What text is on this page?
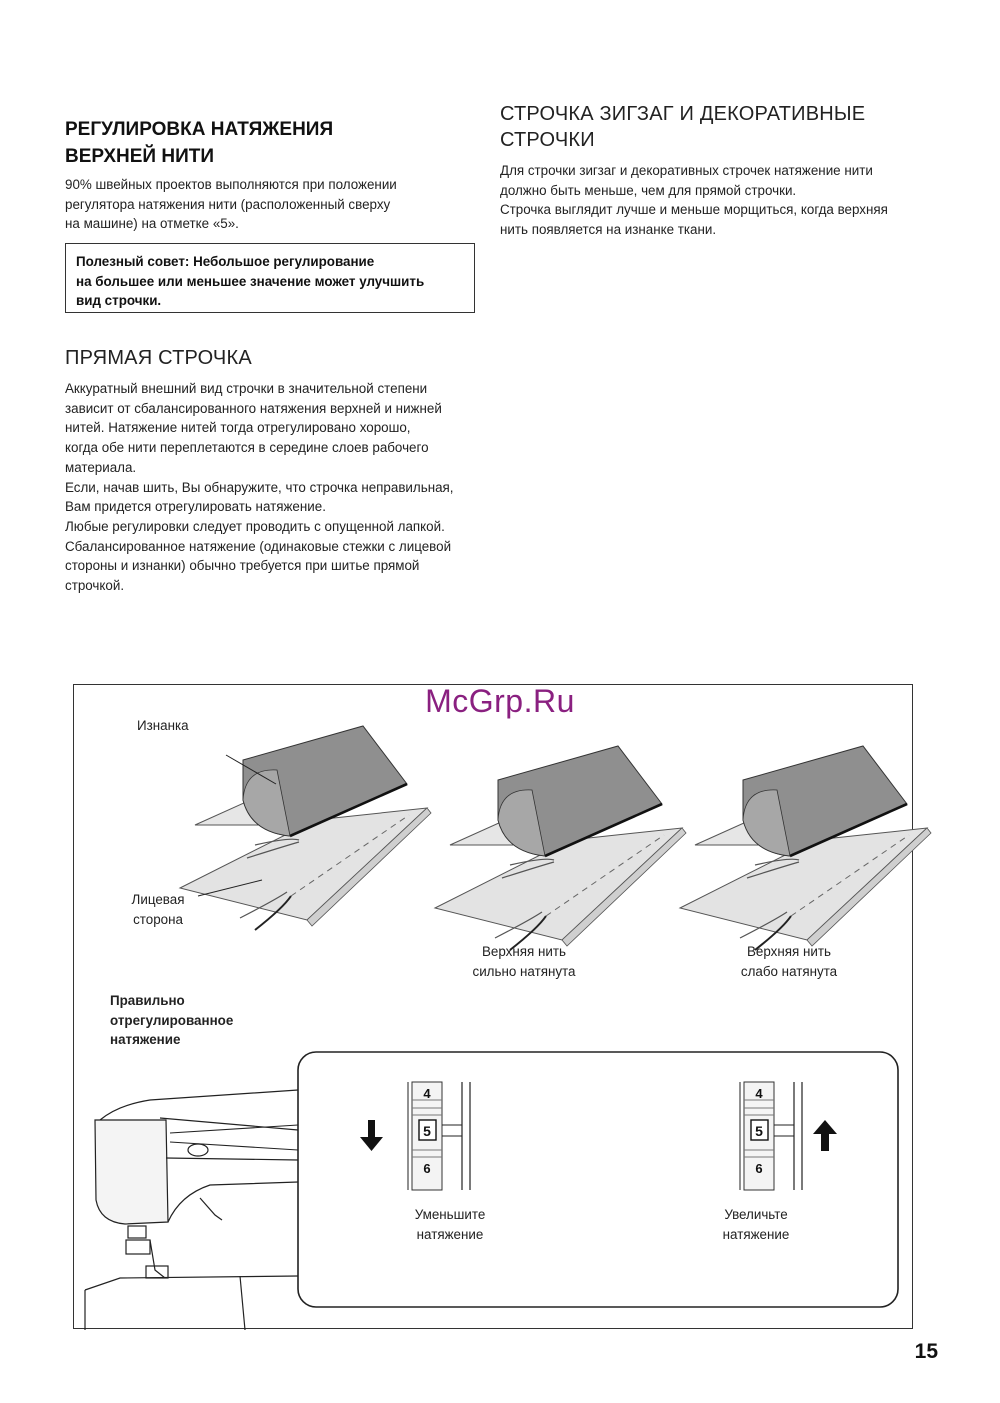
РЕГУЛИРОВКА НАТЯЖЕНИЯ
ВЕРХНЕЙ НИТИ

90% швейных проектов выполняются при положении

регулятора натяжения нити (расположенный сверху

на машине) на отметке «5».

Полезный совет: Небольшое регулирование
на большее или меньшее значение может улучшить
вид строчки.
ПРЯМАЯ СТРОЧКА

Аккуратный внешний вид строчки в значительной степени

зависит от сбалансированного натяжения верхней и нижней

нитей. Натяжение нитей тогда отрегулировано хорошо,

когда обе нити переплетаются в середине слоев рабочего

материала.

Если, начав шить, Вы обнаружите, что строчка неправильная,

Вам придется отрегулировать натяжение.

Любые регулировки следует проводить с опущенной лапкой.

Сбалансированное натяжение (одинаковые стежки с лицевой

стороны и изнанки) обычно требуется при шитье прямой

строчкой.

СТРОЧКА ЗИГЗАГ И ДЕКОРАТИВНЫЕ
СТРОЧКИ

Для строчки зигзаг и декоративных строчек натяжение нити

должно быть меньше, чем для прямой строчки.

Строчка выглядит лучше и меньше морщиться, когда верхняя

нить появляется на изнанке ткани.

4
5
6
4
5
6
Изнанка
Лицевая
сторона
Верхняя нить
сильно натянута
Верхняя нить
слабо натянута
Правильно
отрегулированное
натяжение
Уменьшите
натяжение
Увеличьте
натяжение
McGrp.Ru
15
